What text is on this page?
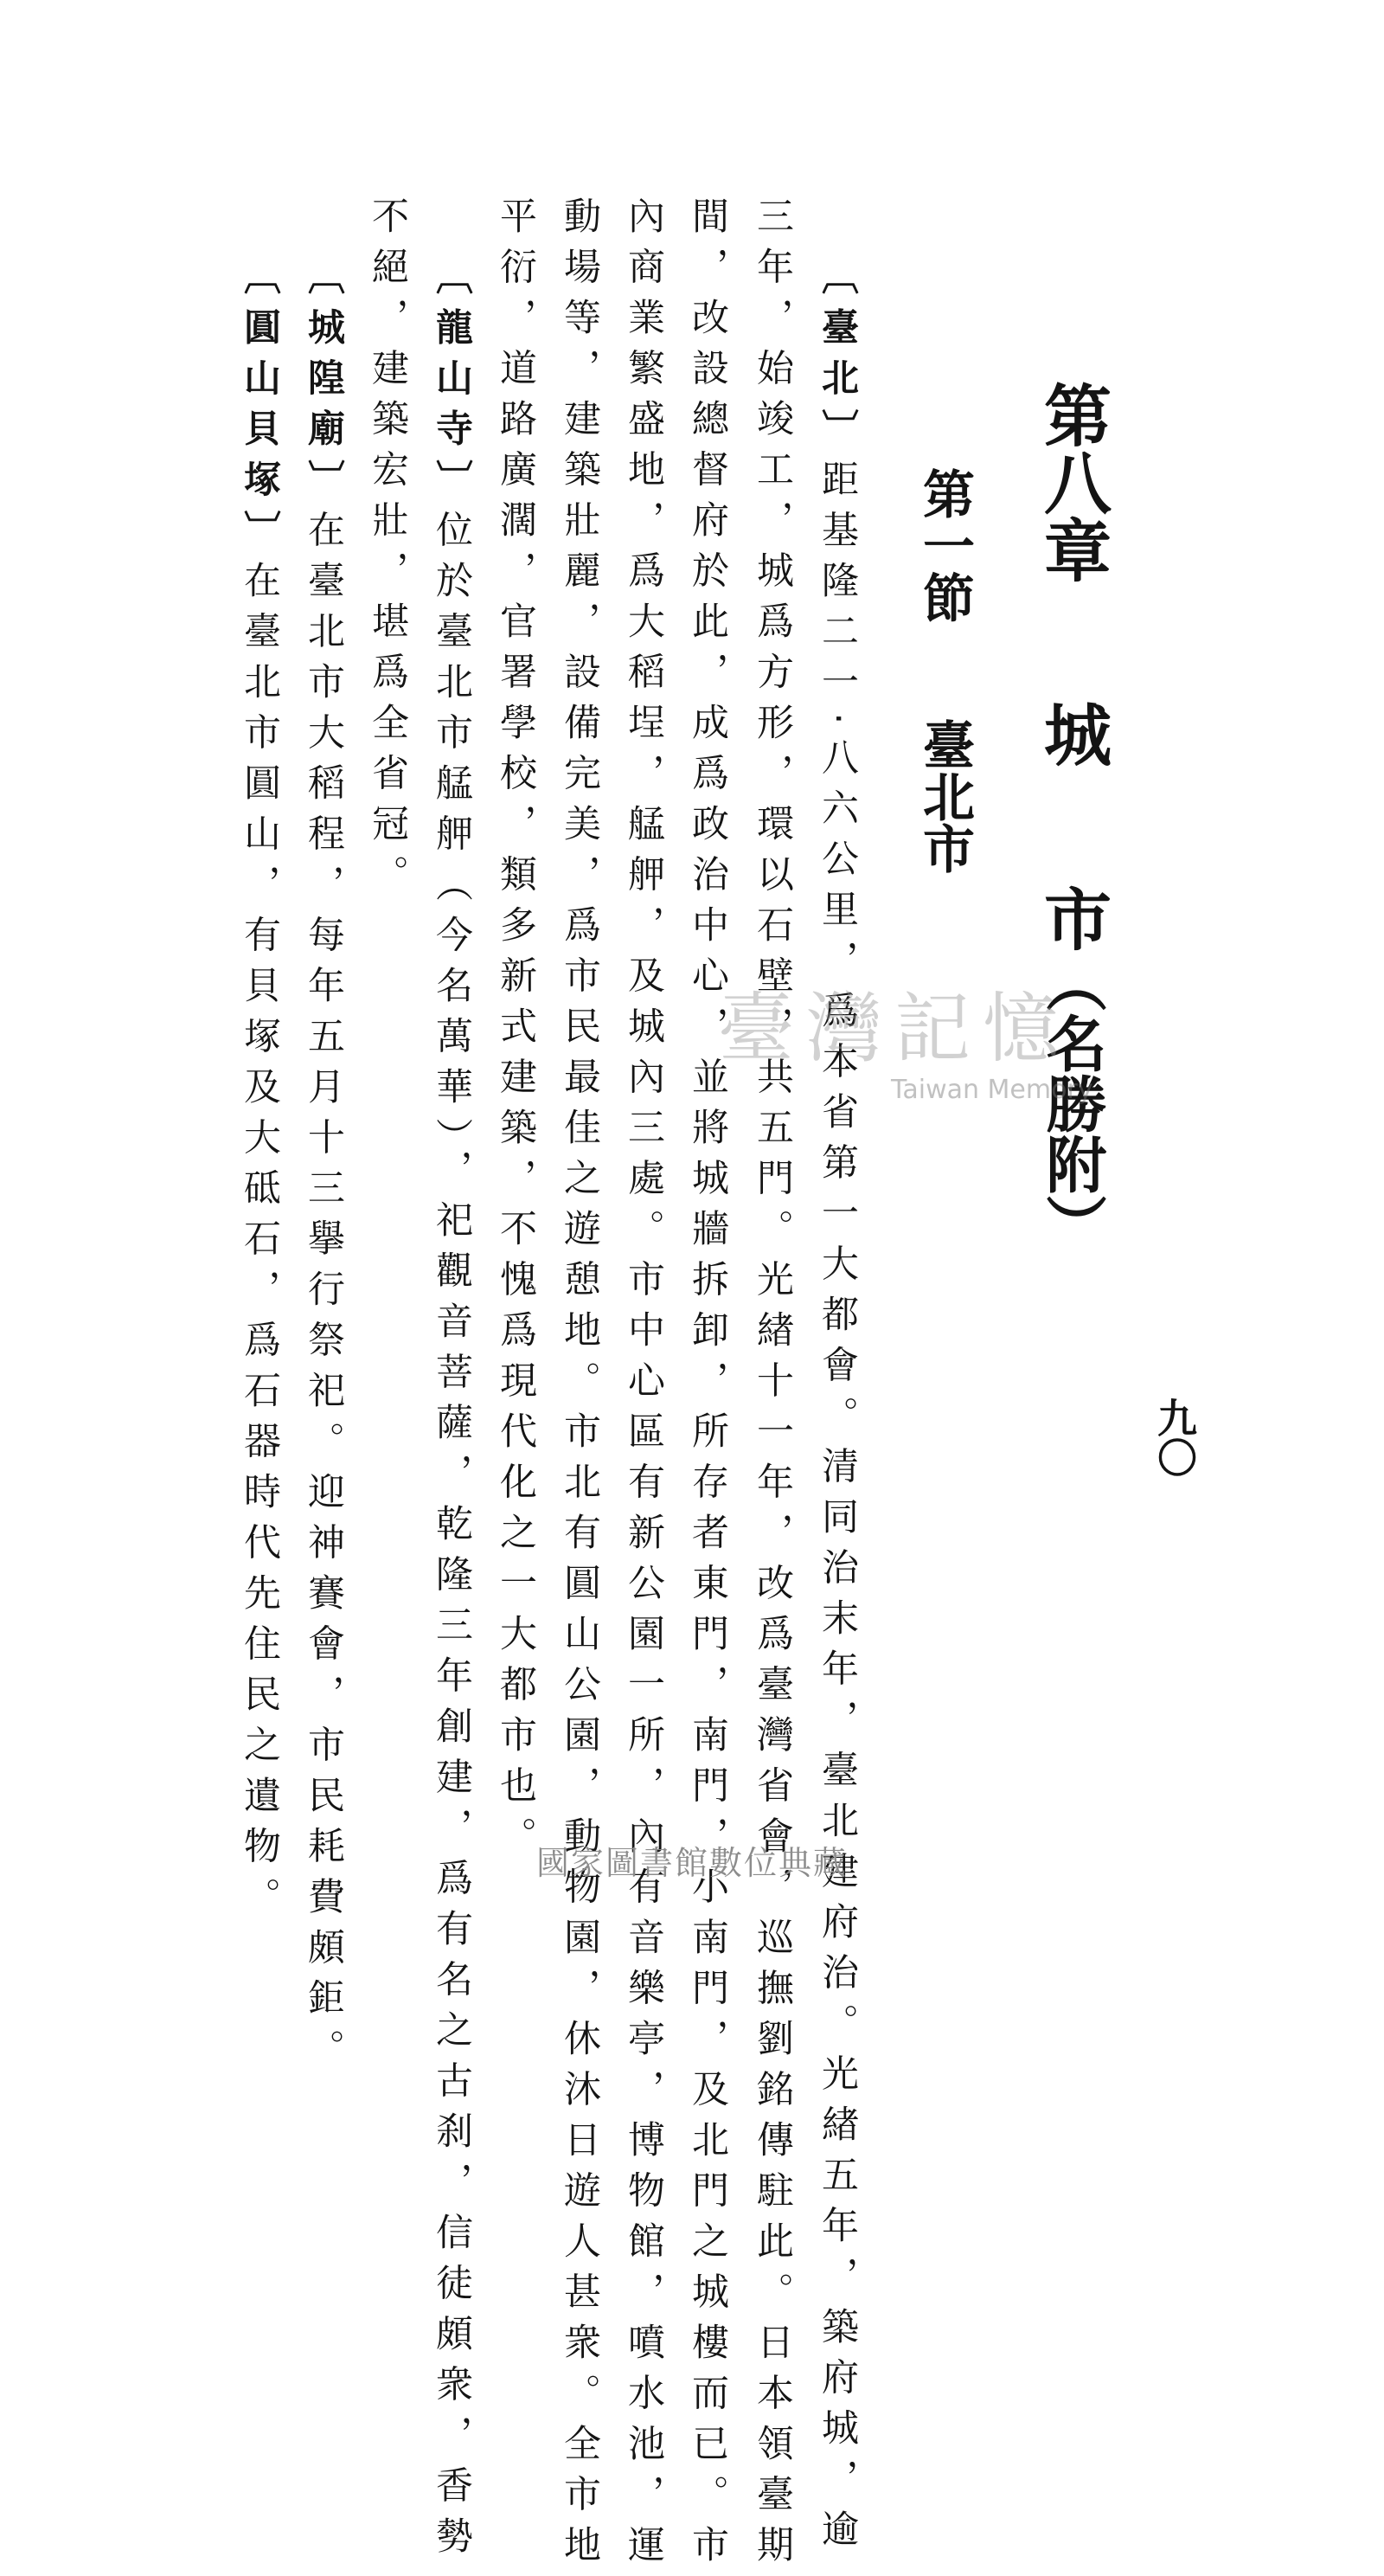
第八章城市（名勝附）
第一節臺北市
〔臺北〕距基隆二一‧八六公里，爲本省第一大都會。清同治末年，臺北建府治。光緖五年，築府城，逾
三年，始竣工，城爲方形，環以石壁，共五門。光緖十一年，改爲臺灣省會，巡撫劉銘傳駐此。日本領臺期
間，改設總督府於此，成爲政治中心，並將城牆拆卸，所存者東門，南門，小南門，及北門之城樓而已。市
內商業繁盛地，爲大稻埕，艋舺，及城內三處。市中心區有新公園一所，內有音樂亭，博物館，噴水池，運
動場等，建築壯麗，設備完美，爲市民最佳之遊憩地。市北有圓山公園，動物園，休沐日遊人甚衆。全市地
平衍，道路廣濶，官署學校，類多新式建築，不愧爲現代化之一大都市也。
〔龍山寺〕位於臺北市艋舺（今名萬華），祀觀音菩薩，乾隆三年創建，爲有名之古刹，信徒頗衆，香勢
不絕，建築宏壯，堪爲全省冠。
〔城隍廟〕在臺北市大稻程，每年五月十三擧行祭祀。迎神賽會，市民耗費頗鉅。
〔圓山貝塚〕在臺北市圓山，有貝塚及大砥石，爲石器時代先住民之遺物。	九〇
臺灣記憶
Taiwan Memory
國家圖書館數位典藏
